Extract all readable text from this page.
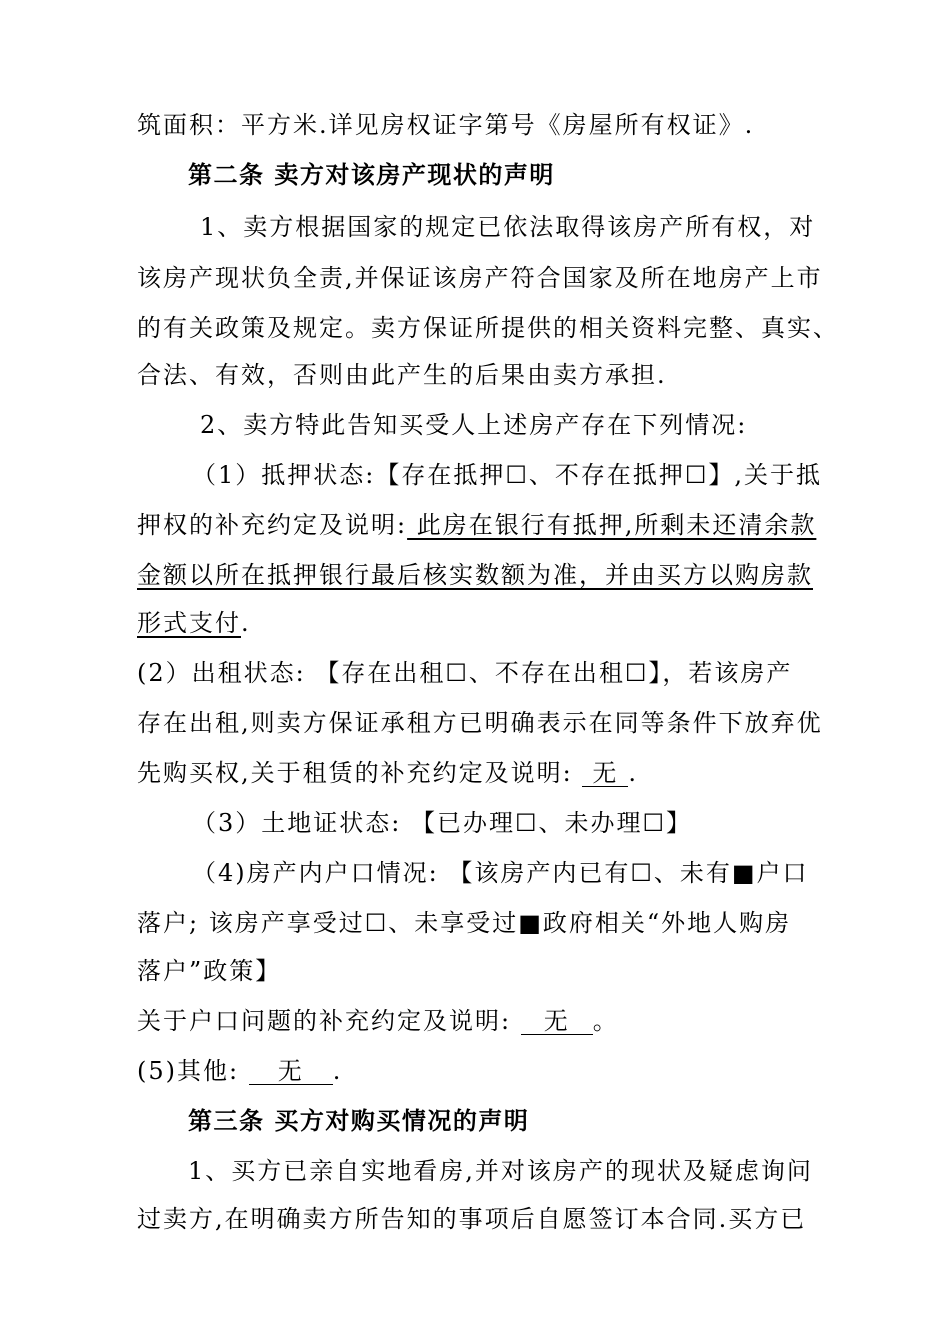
筑面积：平方米.详见房权证字第号《房屋所有权证》.
第二条 卖方对该房产现状的声明
1、卖方根据国家的规定已依法取得该房产所有权，对
该房产现状负全责,并保证该房产符合国家及所在地房产上市
的有关政策及规定。卖方保证所提供的相关资料完整、真实、
合法、有效，否则由此产生的后果由卖方承担.
2、卖方特此告知买受人上述房产存在下列情况:
（1）抵押状态:【存在抵押☐、不存在抵押☐】,关于抵
押权的补充约定及说明: 此房在银行有抵押,所剩未还清余款
金额以所在抵押银行最后核实数额为准，并由买方以购房款
形式支付.
(2）出租状态: 【存在出租☐、不存在出租☐】，若该房产
存在出租,则卖方保证承租方已明确表示在同等条件下放弃优
先购买权,关于租赁的补充约定及说明: 无 .
（3）土地证状态: 【已办理☐、未办理☐】
（4)房产内户口情况: 【该房产内已有☐、未有■户口
落户; 该房产享受过☐、未享受过■政府相关“外地人购房
落户”政策】
关于户口问题的补充约定及说明: 无 。
(5)其他: 无 .
第三条 买方对购买情况的声明
1、买方已亲自实地看房,并对该房产的现状及疑虑询问
过卖方,在明确卖方所告知的事项后自愿签订本合同.买方已
